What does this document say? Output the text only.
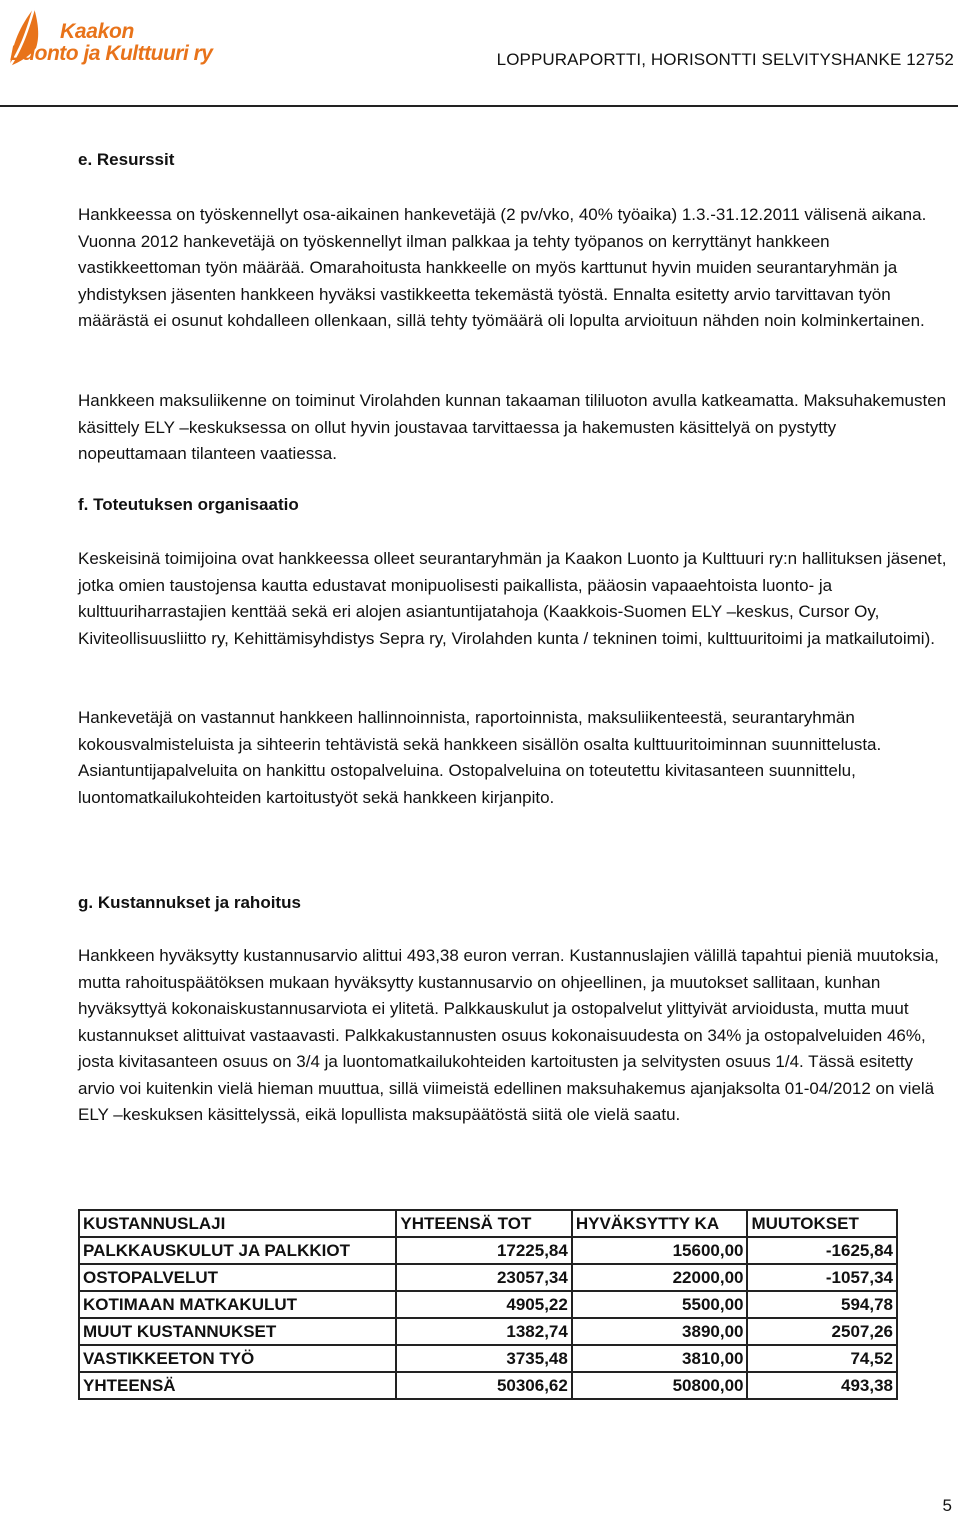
Kaakon
Luonto ja Kulttuuri ry	LOPPURAPORTTI, HORISONTTI SELVITYSHANKE 12752
e. Resurssit
Hankkeessa on työskennellyt osa-aikainen hankevetäjä (2 pv/vko, 40% työaika) 1.3.-31.12.2011 välisenä aikana. Vuonna 2012 hankevetäjä on työskennellyt ilman palkkaa ja tehty työpanos on kerryttänyt hankkeen vastikkeettoman työn määrää. Omarahoitusta hankkeelle on myös karttunut hyvin muiden seurantaryhmän ja yhdistyksen jäsenten hankkeen hyväksi vastikkeetta tekemästä työstä. Ennalta esitetty arvio tarvittavan työn määrästä ei osunut kohdalleen ollenkaan, sillä tehty työmäärä oli lopulta arvioituun nähden noin kolminkertainen.
Hankkeen maksuliikenne on toiminut Virolahden kunnan takaaman tililuoton avulla katkeamatta. Maksuhakemusten käsittely ELY –keskuksessa on ollut hyvin joustavaa tarvittaessa ja hakemusten käsittelyä on pystytty nopeuttamaan tilanteen vaatiessa.
f. Toteutuksen organisaatio
Keskeisinä toimijoina ovat hankkeessa olleet seurantaryhmän ja Kaakon Luonto ja Kulttuuri ry:n hallituksen jäsenet, jotka omien taustojensa kautta edustavat monipuolisesti paikallista, pääosin vapaaehtoista luonto- ja kulttuuriharrastajien kenttää sekä eri alojen asiantuntijatahoja (Kaakkois-Suomen ELY –keskus, Cursor Oy, Kiviteollisuusliitto ry, Kehittämisyhdistys Sepra ry, Virolahden kunta / tekninen toimi, kulttuuritoimi ja matkailutoimi).
Hankevetäjä on vastannut hankkeen hallinnoinnista, raportoinnista, maksuliikenteestä, seurantaryhmän kokousvalmisteluista ja sihteerin tehtävistä sekä hankkeen sisällön osalta kulttuuritoiminnan suunnittelusta. Asiantuntijapalveluita on hankittu ostopalveluina. Ostopalveluina on toteutettu kivitasanteen suunnittelu, luontomatkailukohteiden kartoitustyöt sekä hankkeen kirjanpito.
g. Kustannukset ja rahoitus
Hankkeen hyväksytty kustannusarvio alittui 493,38 euron verran. Kustannuslajien välillä tapahtui pieniä muutoksia, mutta rahoituspäätöksen mukaan hyväksytty kustannusarvio on ohjeellinen, ja muutokset sallitaan, kunhan hyväksyttyä kokonaiskustannusarviota ei ylitetä. Palkkauskulut ja ostopalvelut ylittyivät arvioidusta, mutta muut kustannukset alittuivat vastaavasti. Palkkakustannusten osuus kokonaisuudesta on 34% ja ostopalveluiden 46%, josta kivitasanteen osuus on 3/4 ja luontomatkailukohteiden kartoitusten ja selvitysten osuus 1/4. Tässä esitetty arvio voi kuitenkin vielä hieman muuttua, sillä viimeistä edellinen maksuhakemus ajanjaksolta 01-04/2012 on vielä ELY –keskuksen käsittelyssä, eikä lopullista maksupäätöstä siitä ole vielä saatu.
KUSTANNUSLAJI	YHTEENSÄ TOT	HYVÄKSYTTY KA	MUUTOKSET
PALKKAUSKULUT JA PALKKIOT	17225,84	15600,00	-1625,84
OSTOPALVELUT	23057,34	22000,00	-1057,34
KOTIMAAN MATKAKULUT	4905,22	5500,00	594,78
MUUT KUSTANNUKSET	1382,74	3890,00	2507,26
VASTIKKEETON TYÖ	3735,48	3810,00	74,52
YHTEENSÄ	50306,62	50800,00	493,38
5
